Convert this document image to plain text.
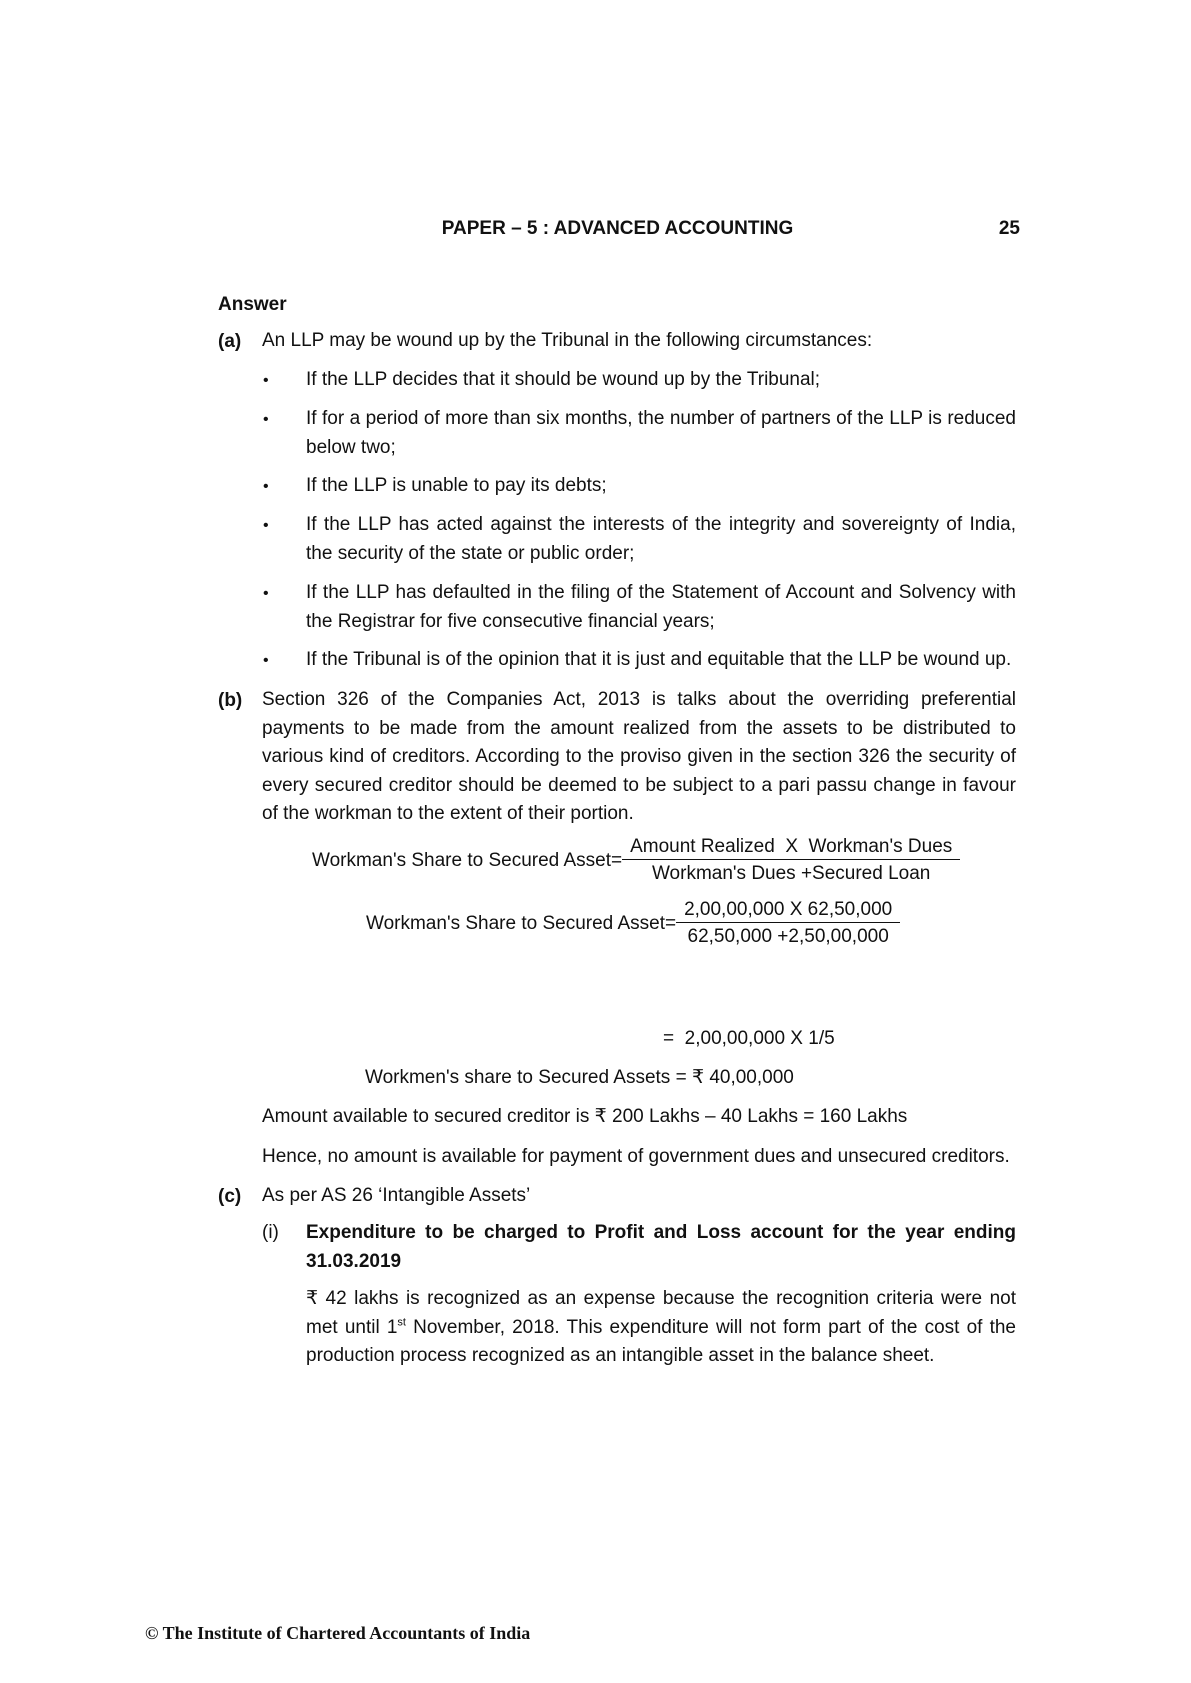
PAPER – 5 : ADVANCED ACCOUNTING	25
Answer
(a) An LLP may be wound up by the Tribunal in the following circumstances:
• If the LLP decides that it should be wound up by the Tribunal;
• If for a period of more than six months, the number of partners of the LLP is reduced below two;
• If the LLP is unable to pay its debts;
• If the LLP has acted against the interests of the integrity and sovereignty of India, the security of the state or public order;
• If the LLP has defaulted in the filing of the Statement of Account and Solvency with the Registrar for five consecutive financial years;
• If the Tribunal is of the opinion that it is just and equitable that the LLP be wound up.
(b) Section 326 of the Companies Act, 2013 is talks about the overriding preferential payments to be made from the amount realized from the assets to be distributed to various kind of creditors. According to the proviso given in the section 326 the security of every secured creditor should be deemed to be subject to a pari passu change in favour of the workman to the extent of their portion.
Workman's Share to Secured Asset= $\frac{\text{Amount Realized  X  Workman's Dues}}{\text{Workman's Dues +Secured Loan}}$
Workman's Share to Secured Asset= $\frac{2,00,00,000 X 62,50,000}{62,50,000 +2,50,00,000}$
=  2,00,00,000 X 1/5
Workmen's share to Secured Assets = ₹ 40,00,000
Amount available to secured creditor is ₹ 200 Lakhs – 40 Lakhs = 160 Lakhs
Hence, no amount is available for payment of government dues and unsecured creditors.
(c) As per AS 26 ‘Intangible Assets’
(i) Expenditure to be charged to Profit and Loss account for the year ending
31.03.2019
₹ 42 lakhs is recognized as an expense because the recognition criteria were not met until 1st November, 2018. This expenditure will not form part of the cost of the production process recognized as an intangible asset in the balance sheet.
© The Institute of Chartered Accountants of India
